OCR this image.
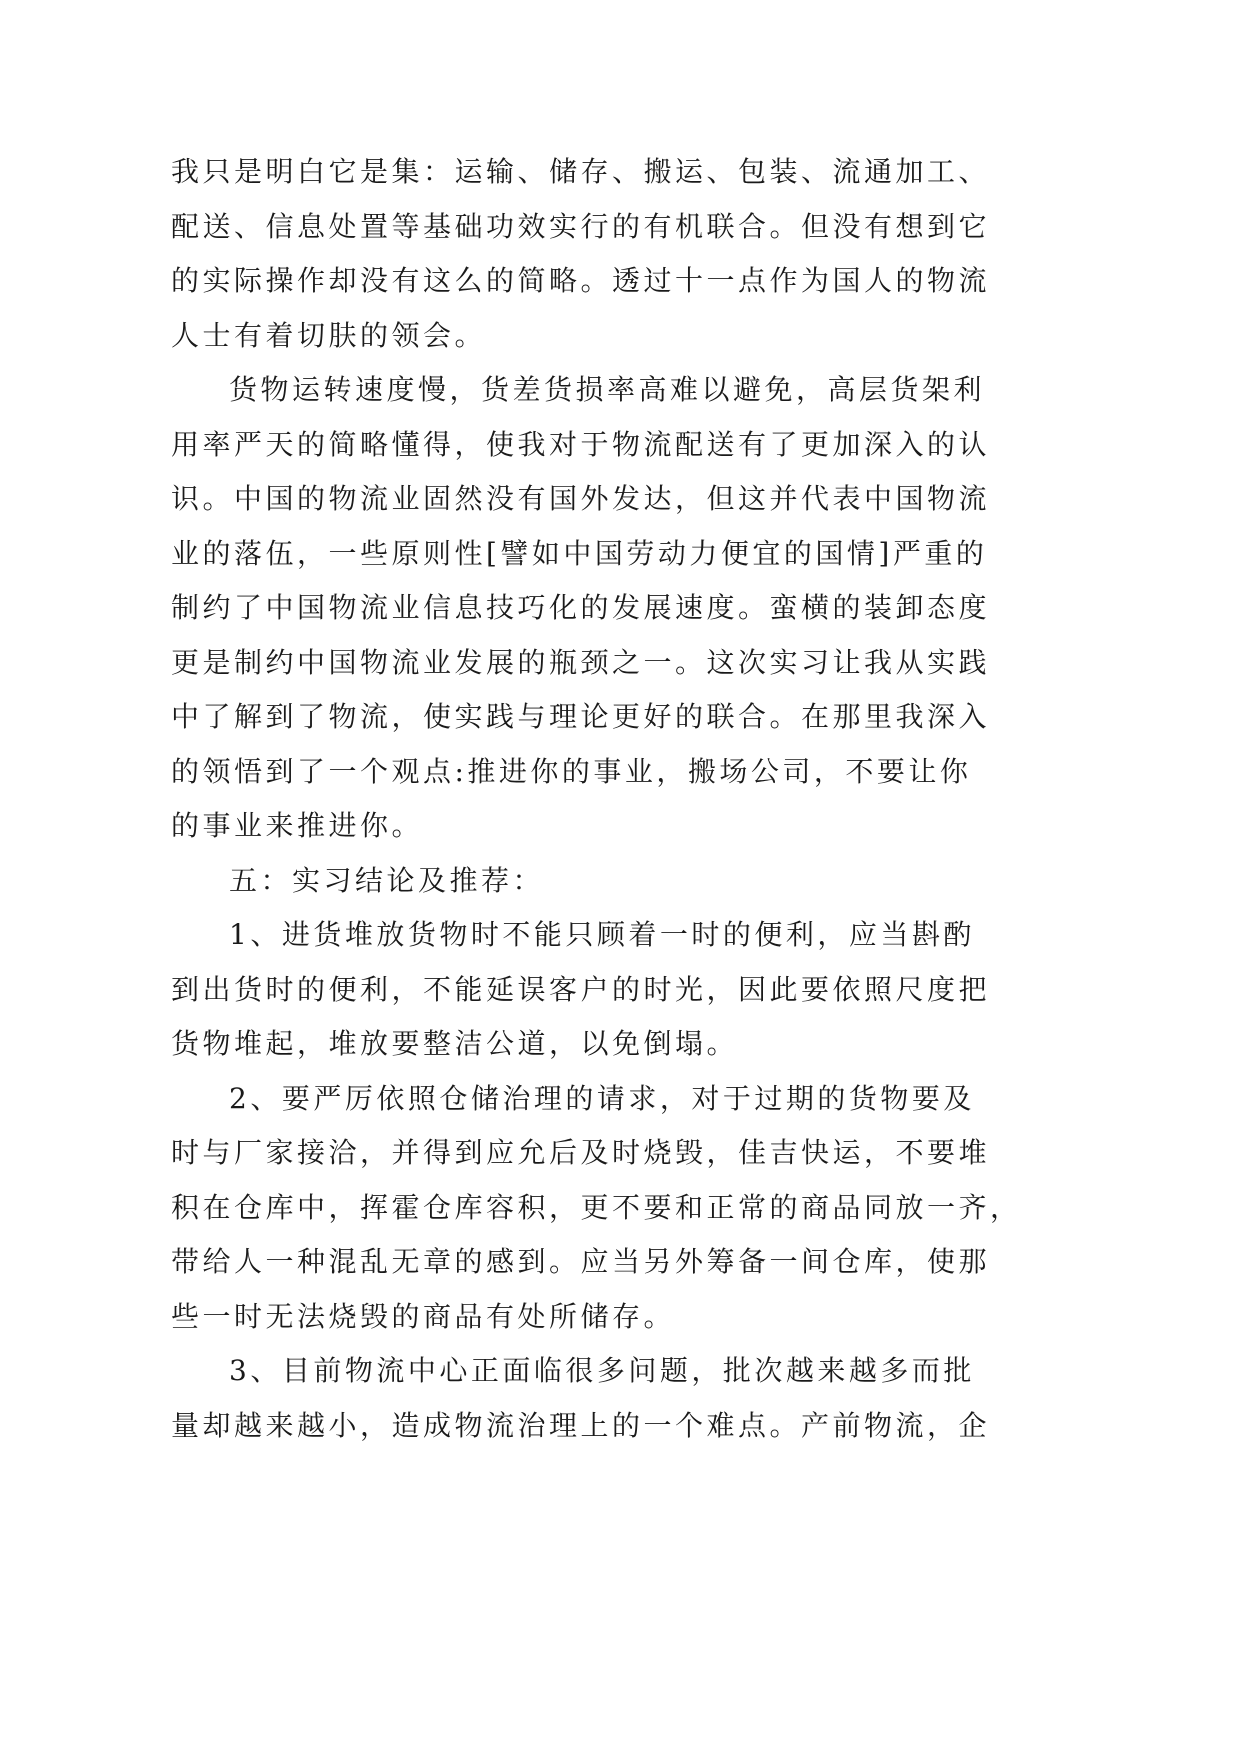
我只是明白它是集：运输、储存、搬运、包装、流通加工、
配送、信息处置等基础功效实行的有机联合。但没有想到它
的实际操作却没有这么的简略。透过十一点作为国人的物流
人士有着切肤的领会。
货物运转速度慢，货差货损率高难以避免，高层货架利
用率严天的简略懂得，使我对于物流配送有了更加深入的认
识。中国的物流业固然没有国外发达，但这并代表中国物流
业的落伍，一些原则性[譬如中国劳动力便宜的国情]严重的
制约了中国物流业信息技巧化的发展速度。蛮横的装卸态度
更是制约中国物流业发展的瓶颈之一。这次实习让我从实践
中了解到了物流，使实践与理论更好的联合。在那里我深入
的领悟到了一个观点:推进你的事业，搬场公司，不要让你
的事业来推进你。
五：实习结论及推荐：
1、进货堆放货物时不能只顾着一时的便利，应当斟酌
到出货时的便利，不能延误客户的时光，因此要依照尺度把
货物堆起，堆放要整洁公道，以免倒塌。
2、要严厉依照仓储治理的请求，对于过期的货物要及
时与厂家接洽，并得到应允后及时烧毁，佳吉快运，不要堆
积在仓库中，挥霍仓库容积，更不要和正常的商品同放一齐，
带给人一种混乱无章的感到。应当另外筹备一间仓库，使那
些一时无法烧毁的商品有处所储存。
3、目前物流中心正面临很多问题，批次越来越多而批
量却越来越小，造成物流治理上的一个难点。产前物流，企
